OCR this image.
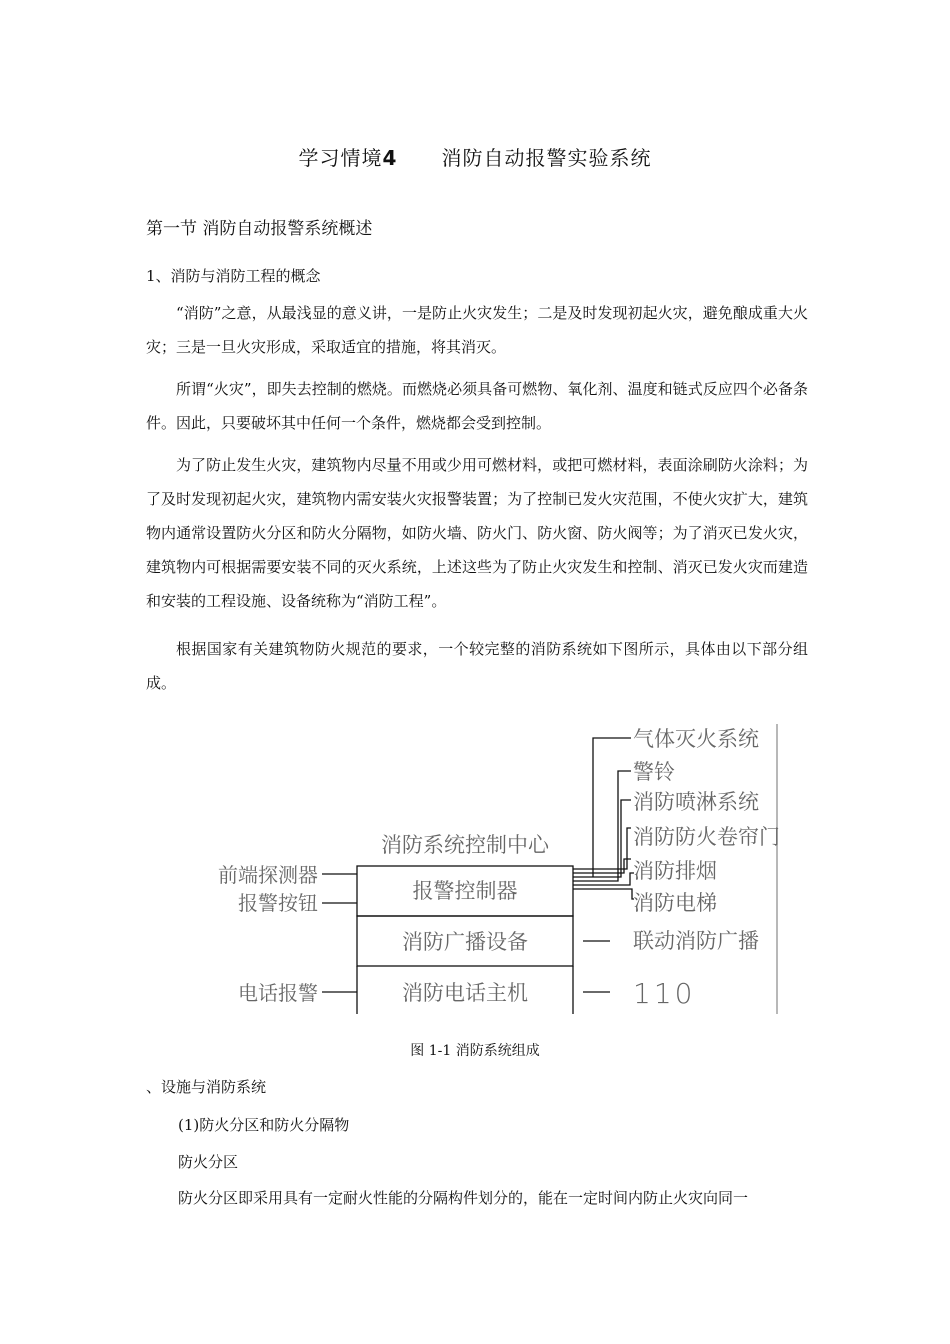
学习情境4 消防自动报警实验系统
第一节 消防自动报警系统概述
1、消防与消防工程的概念
“消防”之意，从最浅显的意义讲，一是防止火灾发生；二是及时发现初起火灾，避免酿成重大火灾；三是一旦火灾形成，采取适宜的措施，将其消灭。
所谓“火灾”，即失去控制的燃烧。而燃烧必须具备可燃物、氧化剂、温度和链式反应四个必备条件。因此，只要破坏其中任何一个条件，燃烧都会受到控制。
为了防止发生火灾，建筑物内尽量不用或少用可燃材料，或把可燃材料，表面涂刷防火涂料；为了及时发现初起火灾，建筑物内需安装火灾报警装置；为了控制已发火灾范围，不使火灾扩大，建筑物内通常设置防火分区和防火分隔物，如防火墙、防火门、防火窗、防火阀等；为了消灭已发火灾，建筑物内可根据需要安装不同的灭火系统，上述这些为了防止火灾发生和控制、消灭已发火灾而建造和安装的工程设施、设备统称为“消防工程”。
根据国家有关建筑物防火规范的要求，一个较完整的消防系统如下图所示，具体由以下部分组成。
消防系统控制中心
报警控制器
消防广播设备
消防电话主机
前端探测器
报警按钮
电话报警
气体灭火系统
警铃
消防喷淋系统
消防防火卷帘门
消防排烟
消防电梯
联动消防广播
110
图 1-1 消防系统组成
、设施与消防系统
(1)防火分区和防火分隔物
防火分区
防火分区即采用具有一定耐火性能的分隔构件划分的，能在一定时间内防止火灾向同一
